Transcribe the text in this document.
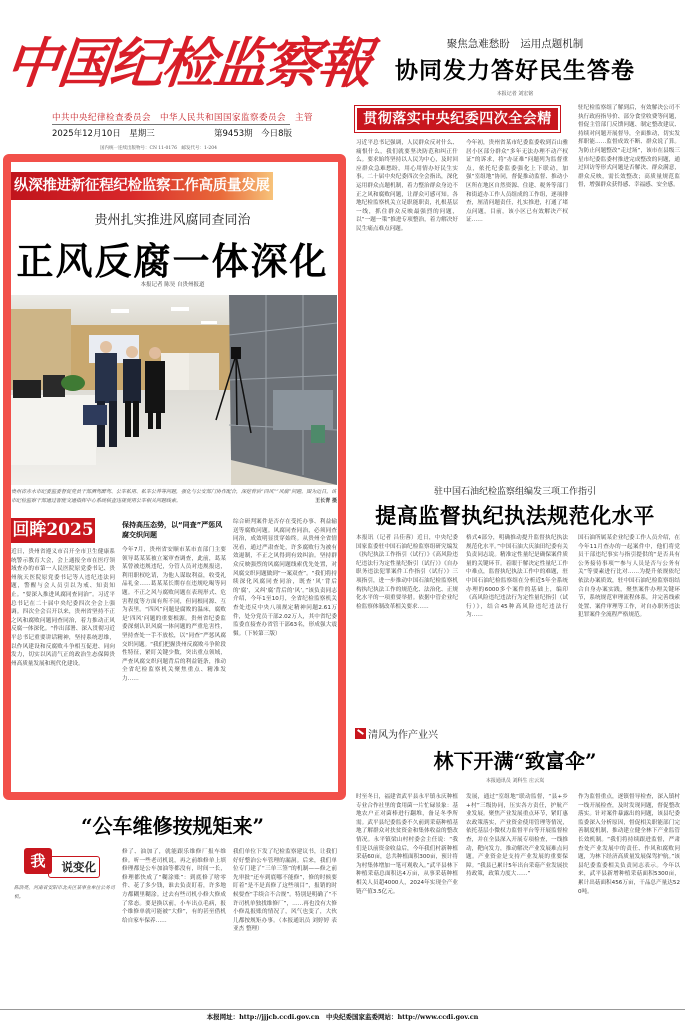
中国纪检监察報
中共中央纪律检查委员会　中华人民共和国国家监察委员会　主管
2025年12月10日　星期三	第9453期　今日8版
国内统一连续出版物号：CN 11-0176　邮发代号：1-204
聚焦急难愁盼　运用点题机制
协同发力答好民生答卷
本报记者 刘宏铭
贯彻落实中央纪委四次全会精神
习近平总书记强调，人民群众反对什么、痛恨什么，我们就要坚决防范和纠正什么。要求始终坚持以人民为中心，及时回应群众急难愁盼，用心用情办好民生实事。二十届中央纪委四次全会指出，深化运用群众点题机制，着力整治群众身边不正之风和腐败问题，让群众可感可知。各地纪检监察机关立足职能职责，扎根基层一线，抓住群众反映最强烈的问题，以“一题一策”推进专项整治，着力解决好民生痛点难点问题。
今年初，贵州省某市纪委监委收到百山雅居小区部分群众“多年无法办理不动产权证”的诉求，将“办证难”问题列为监督重点，依托纪委监委强化上下联动，加强“室组地”协同，督促推动监督、推动小区所在地区自然资源、住建、税务等部门和街道办工作人员组成的工作组，逐项排查，厘清问题责任，扎实推进，打通了堵点问题，目前，该小区已有效解决产权证……
驻纪检监察组了解到后，有效解决公司不执行政府指导价、部分食堂收费等问题，督促主管部门反馈问题、制定整改建议、持续对问题开展督导，全面推动，切实发挥职能……监督成效不断、群众说了算。为防止问题整改“走过场”，该市在县级三星市纪委监委村推进完成整改的问题，通过回访等形式问题是否解决、群众满意，群众反映，需长效整改；高质量规范监督，增强群众获得感、幸福感、安全感。
纵深推进新征程纪检监察工作高质量发展
贵州扎实推进风腐同查同治
正风反腐一体深化
本报记者 陈昊 自贵州报道
贵州省赤水市纪委监委督促党员干部酒驾醉驾、公车私用、私车公养等问题，强化与公安部门协作配合，深挖背后“四风”“风腐”问题。图为近日，该市纪检监察干部通过智能交通指挥中心系统核查违规使用公车相关问题线索。	王长青 摄
回眸2025
近日，贵州省遵义市召开全市卫生健康系统警示教育大会，会上通报全市在医疗领域查办的市第一人民医院原党委书记、贵州航天医院原党委书记等人违纪违法问题，警醒与会人员引以为戒、知责知止。“要深入推进风腐同查同治”。习近平总书记在二十届中央纪委四次全会上强调。四次全会召开以来，贵州省坚持不正之风和腐败问题同查同治，着力推动正风反腐一体深化。“作出部署、深入贯彻习近平总书记重要讲话精神，坚持系统思维，以作风建设和反腐败斗争相互促进、同向发力，切实以风清气正的政治生态保障贵州高质量发展和现代化建设。
保持高压态势，以“同查”严惩风腐交织问题
今年7月，贵州省安顺市某市直部门主要领导葛某某被立案审查调查，此前，葛某某曾被违规违纪，分管人员对违规报送，利用职权吃请，为他人谋取利益，收受礼品礼金……葛某某长期存在违规吃喝等问题。不正之风与腐败问题在表现形式、危害程度等方面有所不同，但同根同源、互为表里。“四风”问题是腐败的温床，腐败是‘四风’问题的重要根源。贵州省纪委监委深刻认识风腐一体问题的严重危害性，坚持查处一手不放松，以“同查”严惩风腐交织问题。“我们把握贵州反腐败斗争阶段性特征，紧盯关键少数，突出重点领域，严查风腐交织问题背后的利益链条，推动全省纪检监察机关聚焦重点、精准发力……
综合研判案件是否存在受托办事、利益输送等腐败问题。风腐同查同治，必须同查同治，成效明显贯穿始终。从贵州全省情况看，通过严肃查处，许多腐败行为被有效遏制，不正之风得到有效纠治。坚持群众反映强烈的风腐问题线索优先处置，对风腐交织问题做到“一案双查”。“我们将持续深化风腐同查同治，既查‘风’背后的‘腐’，又纠‘腐’背后的‘风’。”该负责同志介绍，今年1至10月，全省纪检监察机关查处违反中央八项规定精神问题2.61万件，处分党员干部2.02万人，其中省纪委监委直接查办省管干部63名，形成强大震慑。（下转第三版）
驻中国石油纪检监察组编发三项工作指引
提高监督执纪执法规范化水平
本报讯（记者 吕佳蓉）近日，中央纪委国家监委驻中国石油纪检监察组研究编发《执纪执法工作指引（试行）》《高风险违纪违法行为定性量纪指引（试行）》《自办职务违法犯罪案件工作指引（试行）》三项指引，进一步推动中国石油纪检监察机构执纪执法工作的规范化、法治化、正规化水平的一项重要举措。依据中管企业纪检监察体制改革相关要求……
格式4部分，明确推动提升监督执纪执法规范化水平。”中国石油大庆油田纪委有关负责同志说。精准定性量纪是确保案件质量的关键环节。着眼于解决定性量纪工作中难点，监督执纪执法工作中的难题，驻中国石油纪检监察组在分析近5年全系统办理的6000多个案件的基础上，编印《高风险违纪违法行为定性量纪指引（试行）》，结合45种高风险违纪违法行为……
国石油所属某企业纪委工作人员介绍，在今年11月查办的一起案件中，他们将党员干部违纪事实与指引提供的“是否具有公务接待事项”“参与人员是否与公务有关”等要素进行比对……为提升依规依纪依法办案质效，驻中国石油纪检监察组结合自身办案实践，聚焦案件办理关键环节，系统规范审理流程体系，并完善线索处置、案件审理等工作，对自办职务违法犯罪案件全流程严格规范。
清风为作产业兴
林下开满“致富伞”
本报通讯员 刘科生 庄云岚
时至冬日，福建省武平县永平镇永庆种植专业合作社里的食用菌一片忙碌景象：基地农户正对菌棒进行翻堆，备足冬季所需。武平县纪委监委不久前到采菇种植基地了解群众对扶贫资金和集体收益的整改情况。永平镇梁山村村委会主任说：“我们是以前资金收益后，今年我们村新种植采菇60亩，总共种植面积300亩，预计将为村集体增加一笔可观收入。”武平县林下种植采菇总面积达4万亩，从事采菇种植相关人员超4000人，2024年实现全产业链产值3.5亿元。
发展，通过“室组地”联动监督，“县+乡+村”三级协同，压实各方责任，护航产业发展。聚焦产业发展重点环节，紧盯惠农政策落实，产业资金使用管理等情况，依托基层小微权力监督平台等开展监督检查，并在全县深入开展专项检查，一线推动，靶向发力，推动解决产业发展难点问题。产业资金是支持产业发展的重要保障。“我县已累计5年出台采菇产业发展扶持政策，政策力度大……”
作为监督重点，逐镇督导检查，深入镇村一线开展检查，及时发现问题，督促整改落实。针对案件暴露出的问题，该县纪委监委深入分析原因，督促相关职能部门完善制度机制，推动建立健全林下产业监管长效机制。“我们将持续跟进监督，严肃查处产业发展中的责任、作风和腐败问题，为林下经济高质量发展保驾护航。”该县纪委监委相关负责同志表示。今年以来，武平县新增种植采菇面积5300亩，累计出菇面积456万亩，干品总产量达520吨。
“公车维修按规矩来”
我	说变化
陈浩亮，河南省安阳市北关区某事业单位公务司机。
修了、油加了，就能跟乐维修厂报车维修。听一些老司机说，再之前维修单上填修理都是公车加油等都没有，时间一长，修理都快成了“糊涂账”：到底修了啥零件、花了多少钱，谁去负责盯着，许多地方都糊里糊涂。过去有些司机小修大修成了常态。要是换以前，小车出点毛病，报个维修单就可能被“大修”，有的甚至借机给自家车保养……
我们单位下发了纪检监察建议书，让我们好好整治公车管理的漏洞。后来，我们单位专门建了“三单三签”的机制——修之前先审批“还车到底哪不能修”，修的时候要盯着“是不是真修了这些项目”，报销的时候要查“手续合不合规”。特别是明确了“不许司机单独找维修厂”，……再也没有大修小修乱报账的情况了，风气也变了，大伙儿都按规矩办事。（本报通讯员 刘婷婷 表亚杰 整理）
本报网址：http://jjjcb.ccdi.gov.cn　中央纪委国家监委网站：http://www.ccdi.gov.cn
